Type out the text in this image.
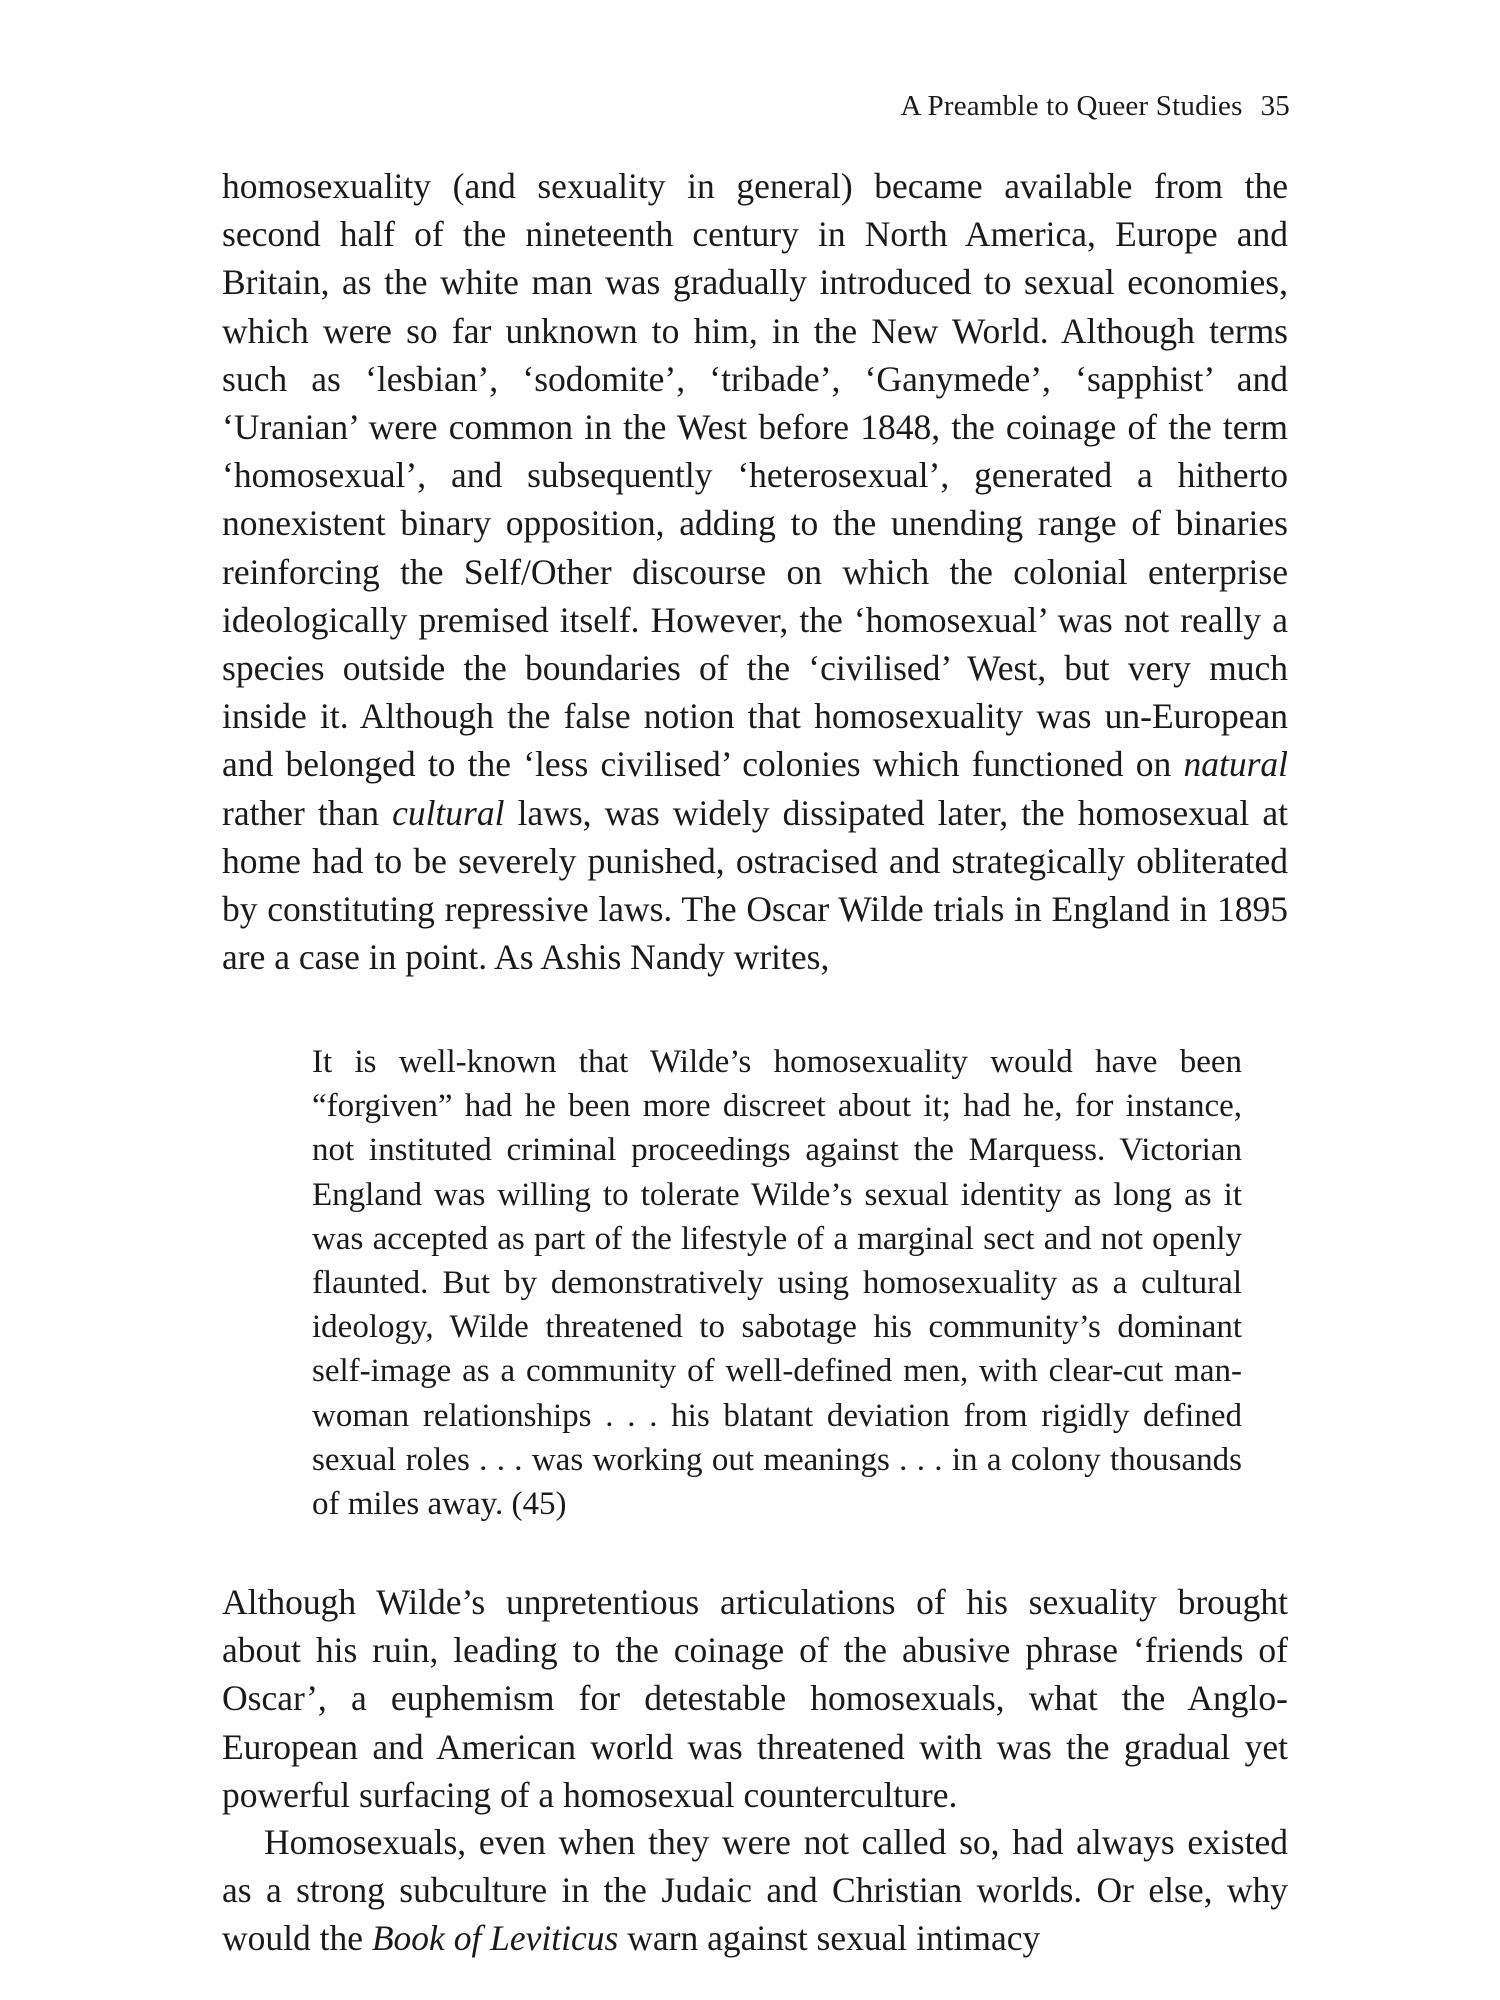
A Preamble to Queer Studies 35

homosexuality (and sexuality in general) became available from the second half of the nineteenth century in North America, Europe and Britain, as the white man was gradually introduced to sexual economies, which were so far unknown to him, in the New World. Although terms such as ‘lesbian’, ‘sodomite’, ‘tribade’, ‘Ganymede’, ‘sapphist’ and ‘Uranian’ were common in the West before 1848, the coinage of the term ‘homosexual’, and subsequently ‘heterosexual’, generated a hitherto nonexistent binary opposition, adding to the unending range of binaries reinforcing the Self/Other discourse on which the colonial enterprise ideologically premised itself. However, the ‘homosexual’ was not really a species outside the boundaries of the ‘civilised’ West, but very much inside it. Although the false notion that homosexuality was un-European and belonged to the ‘less civilised’ colonies which functioned on natural rather than cultural laws, was widely dissipated later, the homosexual at home had to be severely punished, ostracised and strategically obliterated by constituting repressive laws. The Oscar Wilde trials in England in 1895 are a case in point. As Ashis Nandy writes,

It is well-known that Wilde’s homosexuality would have been “forgiven” had he been more discreet about it; had he, for instance, not instituted criminal proceedings against the Marquess. Victorian England was willing to tolerate Wilde’s sexual identity as long as it was accepted as part of the lifestyle of a marginal sect and not openly flaunted. But by demonstratively using homosexuality as a cultural ideology, Wilde threatened to sabotage his community’s dominant self-image as a community of well-defined men, with clear-cut man-woman relationships . . . his blatant deviation from rigidly defined sexual roles . . . was working out meanings . . . in a colony thousands of miles away. (45)

Although Wilde’s unpretentious articulations of his sexuality brought about his ruin, leading to the coinage of the abusive phrase ‘friends of Oscar’, a euphemism for detestable homosexuals, what the Anglo-European and American world was threatened with was the gradual yet powerful surfacing of a homosexual counterculture.

Homosexuals, even when they were not called so, had always existed as a strong subculture in the Judaic and Christian worlds. Or else, why would the Book of Leviticus warn against sexual intimacy
